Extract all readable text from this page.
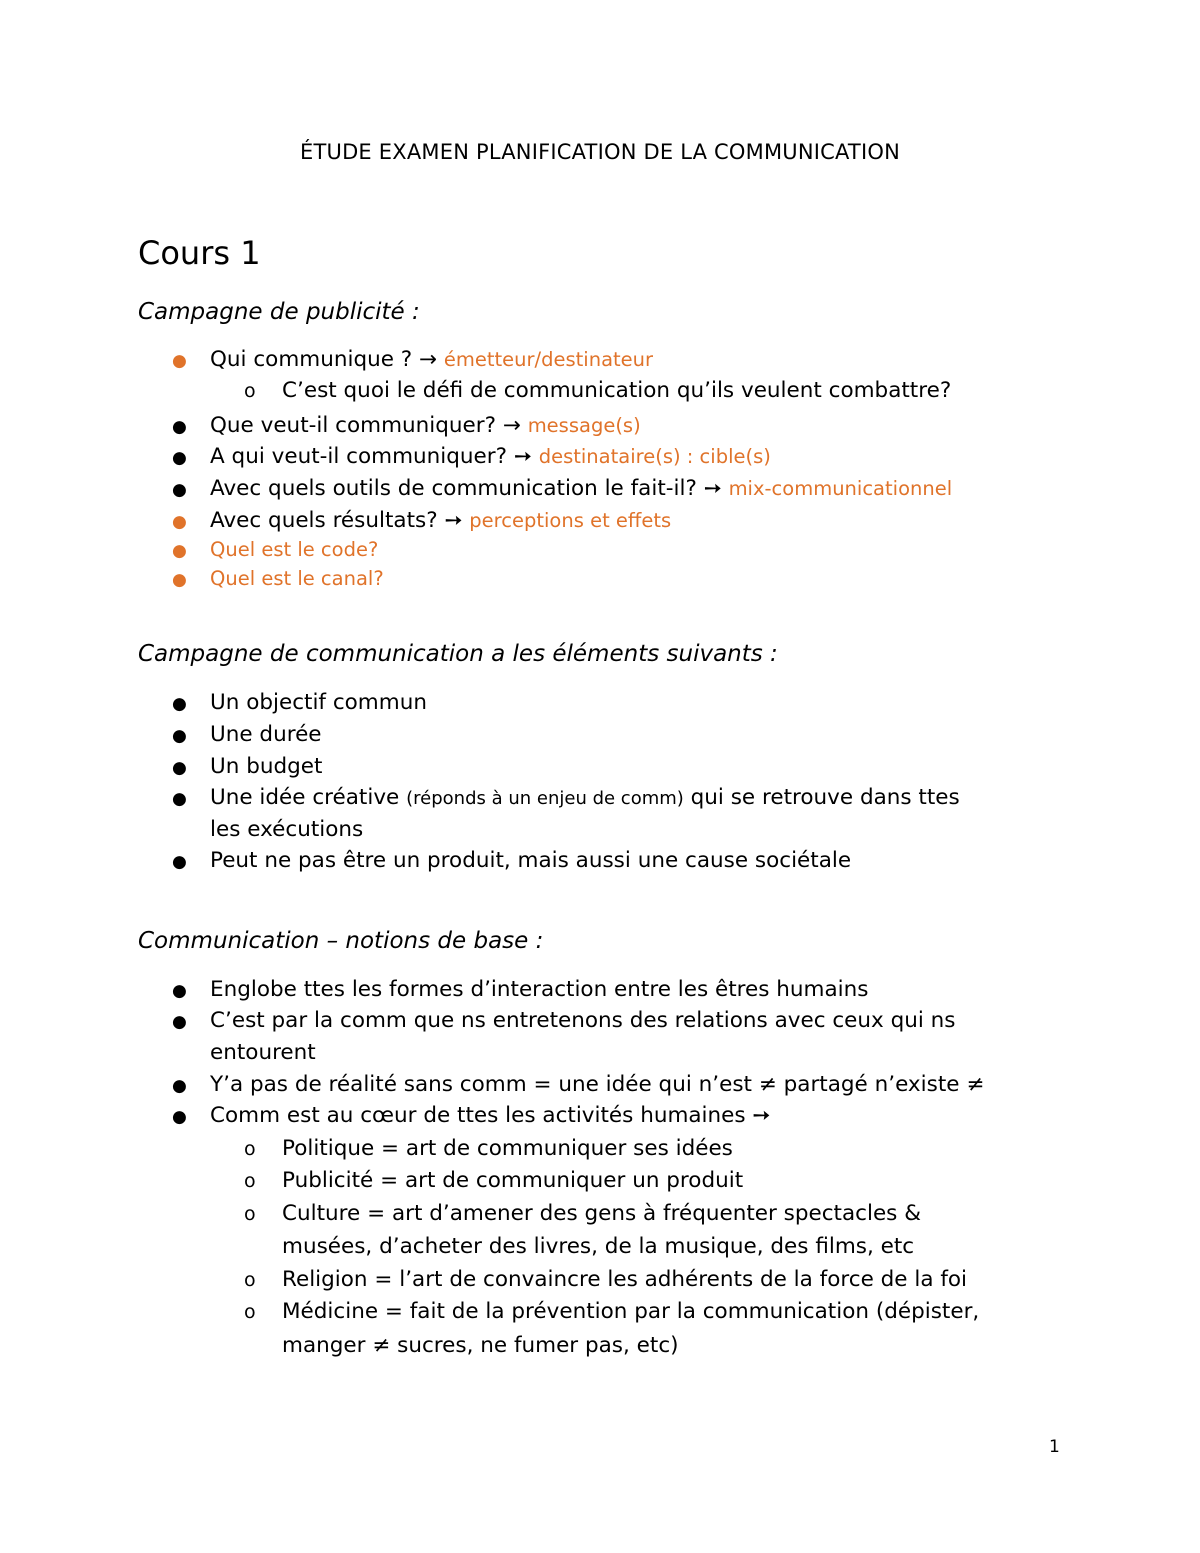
ÉTUDE EXAMEN PLANIFICATION DE LA COMMUNICATION
Cours 1
Campagne de publicité :
● Qui communique ? → émetteur/destinateur
o C’est quoi le défi de communication qu’ils veulent combattre?
● Que veut-il communiquer? → message(s)
● A qui veut-il communiquer? ➙ destinataire(s) : cible(s)
● Avec quels outils de communication le fait-il? ➙ mix-communicationnel
● Avec quels résultats? ➙ perceptions et effets
● Quel est le code?
● Quel est le canal?
Campagne de communication a les éléments suivants :
● Un objectif commun
● Une durée
● Un budget
● Une idée créative (réponds à un enjeu de comm) qui se retrouve dans ttes
les exécutions
● Peut ne pas être un produit, mais aussi une cause sociétale
Communication – notions de base :
● Englobe ttes les formes d’interaction entre les êtres humains
● C’est par la comm que ns entretenons des relations avec ceux qui ns
entourent
● Y’a pas de réalité sans comm = une idée qui n’est ≠ partagé n’existe ≠
● Comm est au cœur de ttes les activités humaines ➙
o Politique = art de communiquer ses idées
o Publicité = art de communiquer un produit
o Culture = art d’amener des gens à fréquenter spectacles &
musées, d’acheter des livres, de la musique, des films, etc
o Religion = l’art de convaincre les adhérents de la force de la foi
o Médicine = fait de la prévention par la communication (dépister,
manger ≠ sucres, ne fumer pas, etc)
1
